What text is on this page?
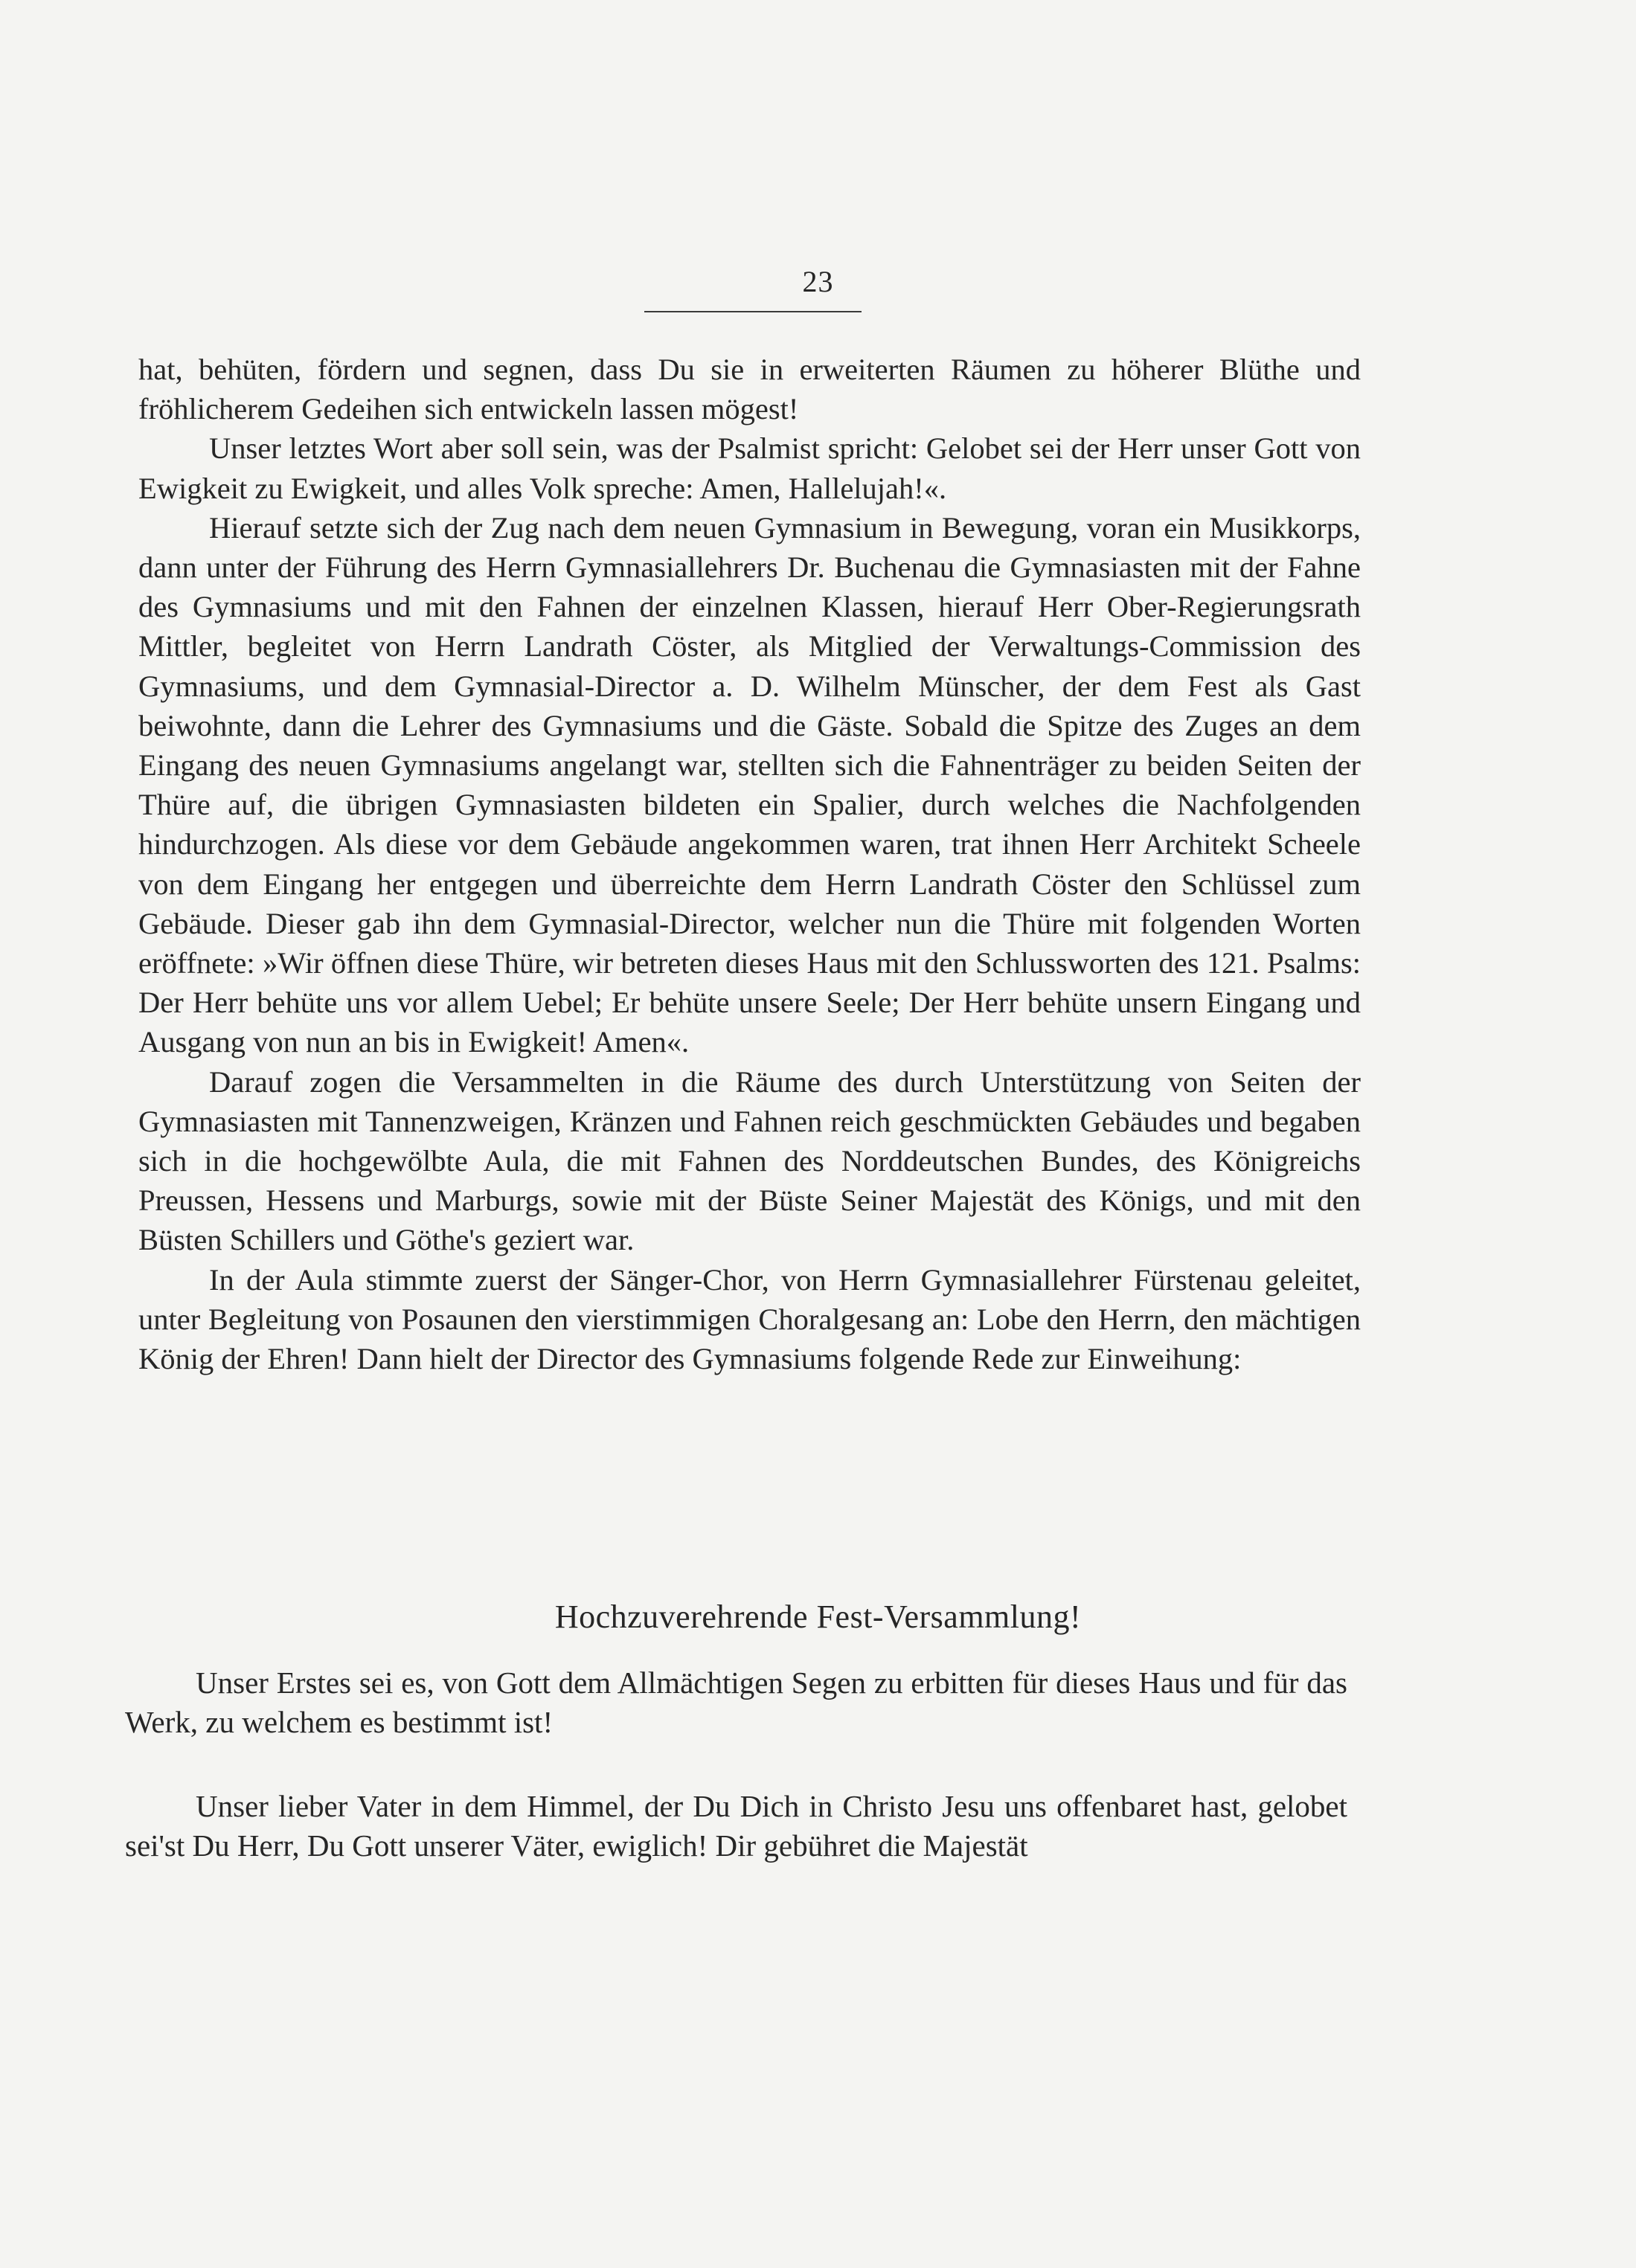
23

hat, behüten, fördern und segnen, dass Du sie in erweiterten Räumen zu höherer Blüthe und fröhlicherem Gedeihen sich entwickeln lassen mögest!

Unser letztes Wort aber soll sein, was der Psalmist spricht: Gelobet sei der Herr unser Gott von Ewigkeit zu Ewigkeit, und alles Volk spreche: Amen, Hallelujah!«.

Hierauf setzte sich der Zug nach dem neuen Gymnasium in Bewegung, voran ein Musikkorps, dann unter der Führung des Herrn Gymnasiallehrers Dr. Buchenau die Gymnasiasten mit der Fahne des Gymnasiums und mit den Fahnen der einzelnen Klassen, hierauf Herr Ober-Regierungsrath Mittler, begleitet von Herrn Landrath Cöster, als Mitglied der Verwaltungs-Commission des Gymnasiums, und dem Gymnasial-Director a. D. Wilhelm Münscher, der dem Fest als Gast beiwohnte, dann die Lehrer des Gymnasiums und die Gäste. Sobald die Spitze des Zuges an dem Eingang des neuen Gymnasiums angelangt war, stellten sich die Fahnenträger zu beiden Seiten der Thüre auf, die übrigen Gymnasiasten bildeten ein Spalier, durch welches die Nachfolgenden hindurchzogen. Als diese vor dem Gebäude angekommen waren, trat ihnen Herr Architekt Scheele von dem Eingang her entgegen und überreichte dem Herrn Landrath Cöster den Schlüssel zum Gebäude. Dieser gab ihn dem Gymnasial-Director, welcher nun die Thüre mit folgenden Worten eröffnete: »Wir öffnen diese Thüre, wir betreten dieses Haus mit den Schlussworten des 121. Psalms: Der Herr behüte uns vor allem Uebel; Er behüte unsere Seele; Der Herr behüte unsern Eingang und Ausgang von nun an bis in Ewigkeit! Amen«.

Darauf zogen die Versammelten in die Räume des durch Unterstützung von Seiten der Gymnasiasten mit Tannenzweigen, Kränzen und Fahnen reich geschmückten Gebäudes und begaben sich in die hochgewölbte Aula, die mit Fahnen des Norddeutschen Bundes, des Königreichs Preussen, Hessens und Marburgs, sowie mit der Büste Seiner Majestät des Königs, und mit den Büsten Schillers und Göthe's geziert war.

In der Aula stimmte zuerst der Sänger-Chor, von Herrn Gymnasiallehrer Fürstenau geleitet, unter Begleitung von Posaunen den vierstimmigen Choralgesang an: Lobe den Herrn, den mächtigen König der Ehren! Dann hielt der Director des Gymnasiums folgende Rede zur Einweihung:

Hochzuverehrende Fest-Versammlung!

Unser Erstes sei es, von Gott dem Allmächtigen Segen zu erbitten für dieses Haus und für das Werk, zu welchem es bestimmt ist!

Unser lieber Vater in dem Himmel, der Du Dich in Christo Jesu uns offenbaret hast, gelobet sei'st Du Herr, Du Gott unserer Väter, ewiglich! Dir gebühret die Majestät
